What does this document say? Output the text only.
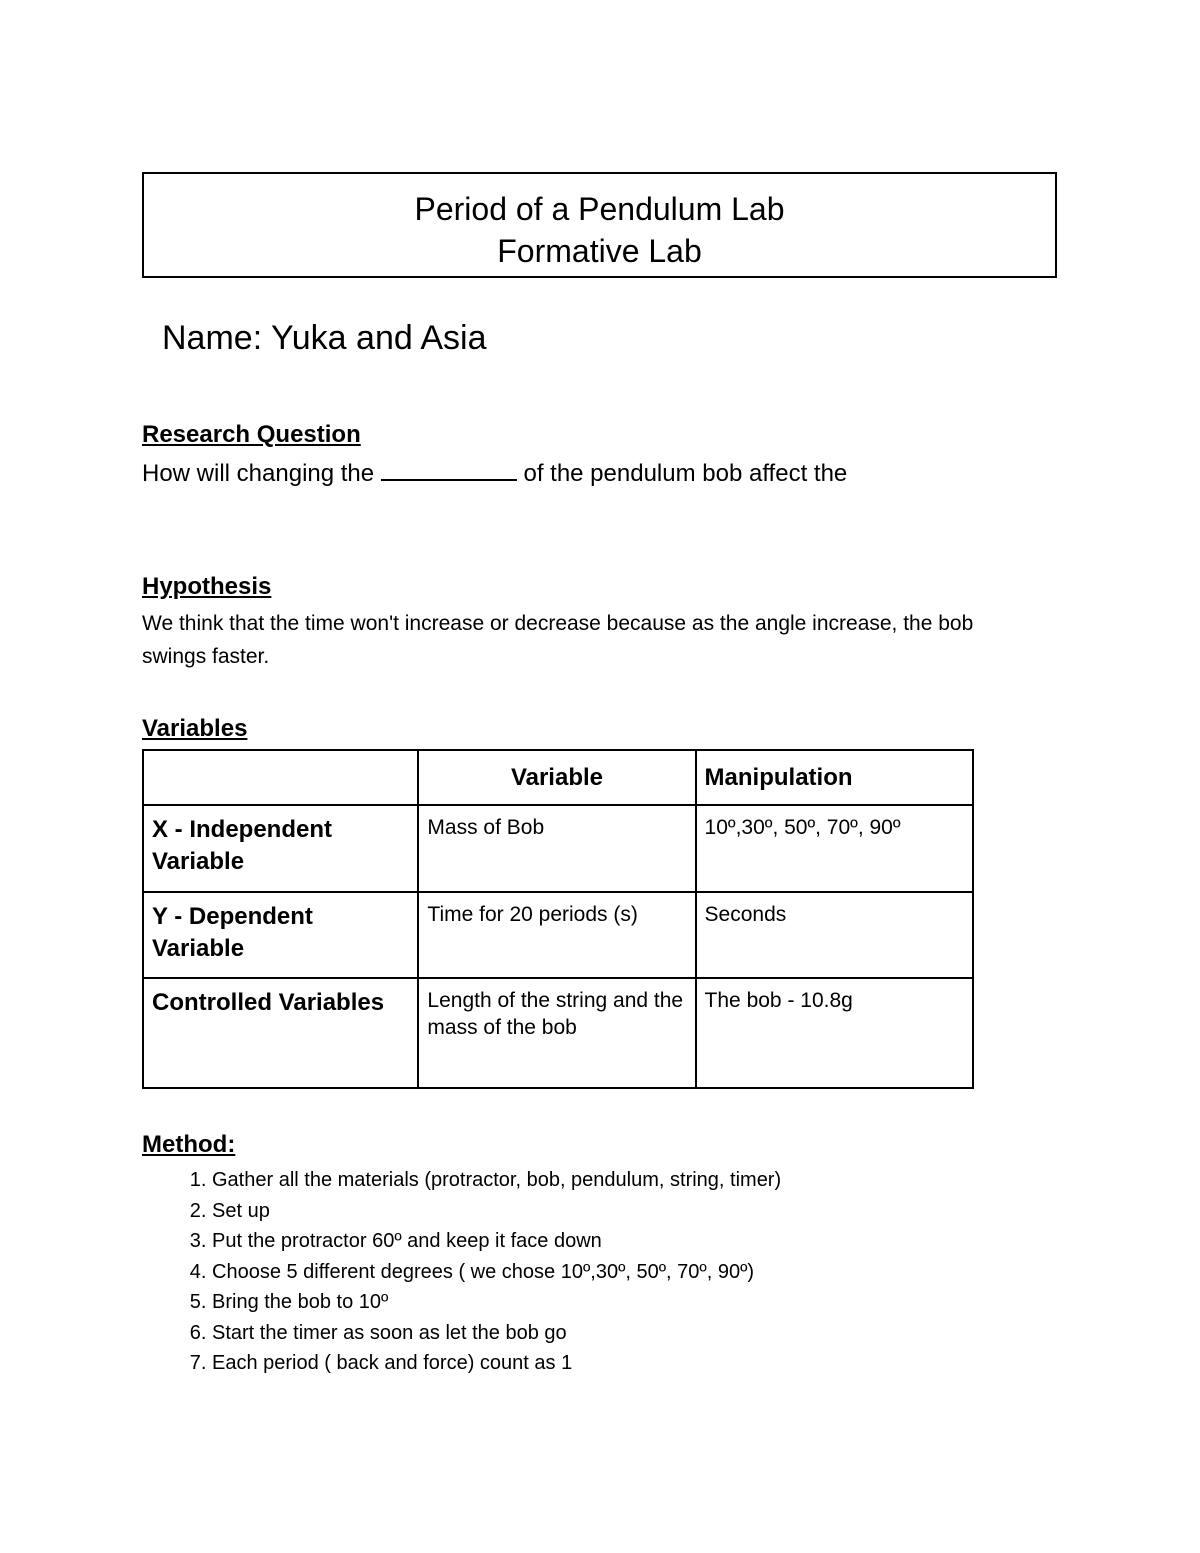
Period of a Pendulum Lab
Formative Lab
Name: Yuka and Asia
Research Question
How will changing the	of the pendulum bob affect the
Hypothesis
We think that the time won't increase or decrease because as the angle increase, the bob swings faster.
Variables
	Variable	Manipulation
X - Independent Variable	Mass of Bob	10º,30º, 50º, 70º, 90º
Y - Dependent Variable	Time for 20 periods (s)	Seconds
Controlled Variables	Length of the string and the mass of the bob	The bob - 10.8g
Method:
1. Gather all the materials (protractor, bob, pendulum, string, timer)
2. Set up
3. Put the protractor 60º and keep it face down
4. Choose 5 different degrees ( we chose 10º,30º, 50º, 70º, 90º)
5. Bring the bob to 10º
6. Start the timer as soon as let the bob go
7. Each period ( back and force) count as 1
